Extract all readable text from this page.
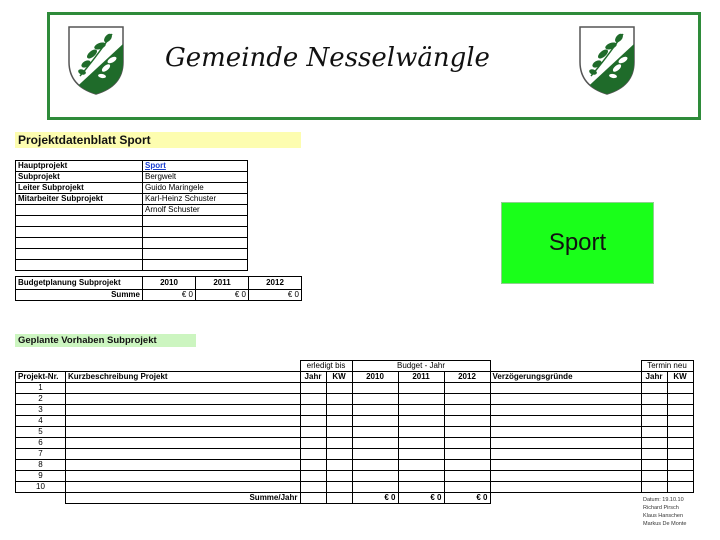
Gemeinde Nesselwängle
Projektdatenblatt Sport
Hauptprojekt	Sport
Subprojekt	Bergwelt
Leiter Subprojekt	Guido Maringele
Mitarbeiter Subprojekt	Karl-Heinz Schuster
	Arnolf Schuster

Budgetplanung Subprojekt	2010	2011	2012
Summe	€ 0	€ 0	€ 0
Sport
Geplante Vorhaben Subprojekt
		erledigt bis		Budget - Jahr				Termin neu	
Projekt-Nr.	Kurzbeschreibung Projekt	Jahr	KW	2010	2011	2012	Verzögerungsgründe	Jahr	KW
1									
2									
3									
4									
5									
6									
7									
8									
9									
10									
	Summe/Jahr			€ 0	€ 0	€ 0				Datum: 19.10.10
Richard Pirsch
Klaus Hanschen
Markus De Monte
